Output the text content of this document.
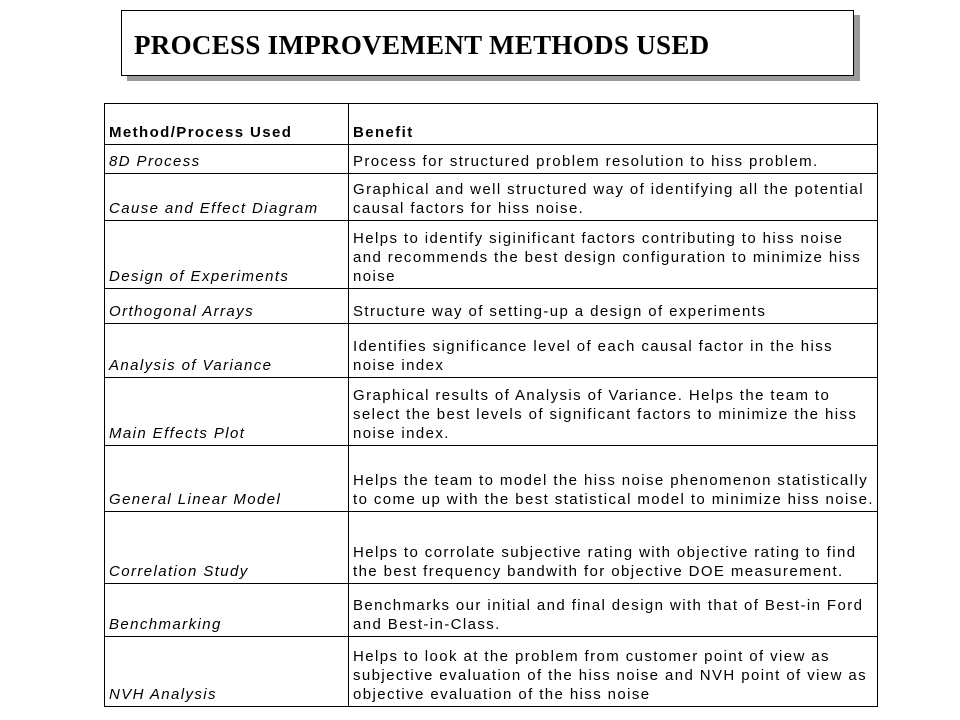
PROCESS IMPROVEMENT METHODS USED
Method/Process Used	Benefit
8D Process	Process for structured problem resolution to hiss problem.
Cause and Effect Diagram	Graphical and well structured way of identifying all the potential causal factors for hiss noise.
Design of Experiments	Helps to identify siginificant factors contributing to hiss noise and recommends the best design configuration to minimize hiss noise
Orthogonal Arrays	Structure way of setting-up a design of experiments
Analysis of Variance	Identifies significance level of each causal factor in the hiss noise index
Main Effects Plot	Graphical results of Analysis of Variance. Helps the team to select the best levels of significant factors to minimize the hiss noise index.
General Linear Model	Helps the team to model the hiss noise phenomenon statistically to come up with the best statistical model to minimize hiss noise.
Correlation Study	Helps to corrolate subjective rating with objective rating to find the best frequency bandwith for objective DOE measurement.
Benchmarking	Benchmarks our initial and final design with that of Best-in Ford and Best-in-Class.
NVH Analysis	Helps to look at the problem from customer point of view as subjective evaluation of the hiss noise and NVH point of view as objective evaluation of the hiss noise
